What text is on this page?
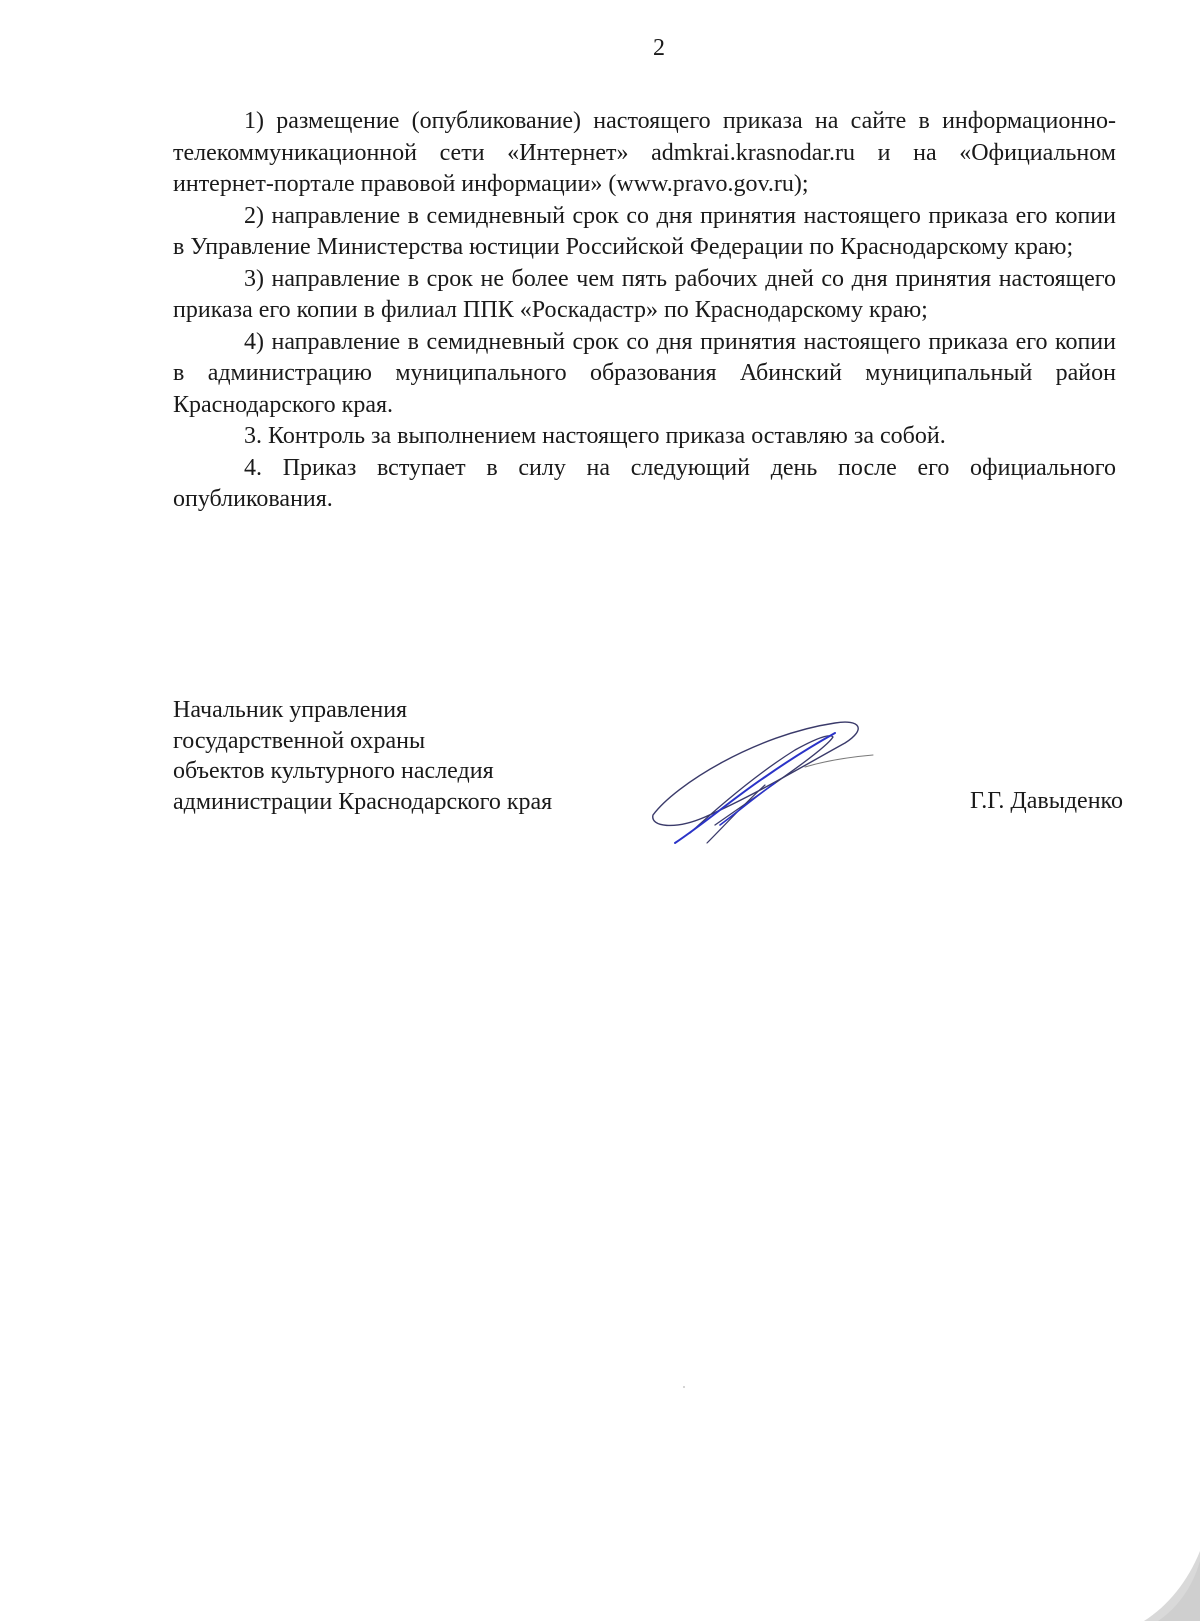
2

1) размещение (опубликование) настоящего приказа на сайте в информационно-телекоммуникационной сети «Интернет» admkrai.krasnodar.ru и на «Официальном интернет-портале правовой информации» (www.pravo.gov.ru);

2) направление в семидневный срок со дня принятия настоящего приказа его копии в Управление Министерства юстиции Российской Федерации по Краснодарскому краю;

3) направление в срок не более чем пять рабочих дней со дня принятия настоящего приказа его копии в филиал ППК «Роскадастр» по Краснодарскому краю;

4) направление в семидневный срок со дня принятия настоящего приказа его копии в администрацию муниципального образования Абинский муниципальный район Краснодарского края.

3. Контроль за выполнением настоящего приказа оставляю за собой.

4. Приказ вступает в силу на следующий день после его официального опубликования.

Начальник управления
государственной охраны
объектов культурного наследия
администрации Краснодарского края	Г.Г. Давыденко
